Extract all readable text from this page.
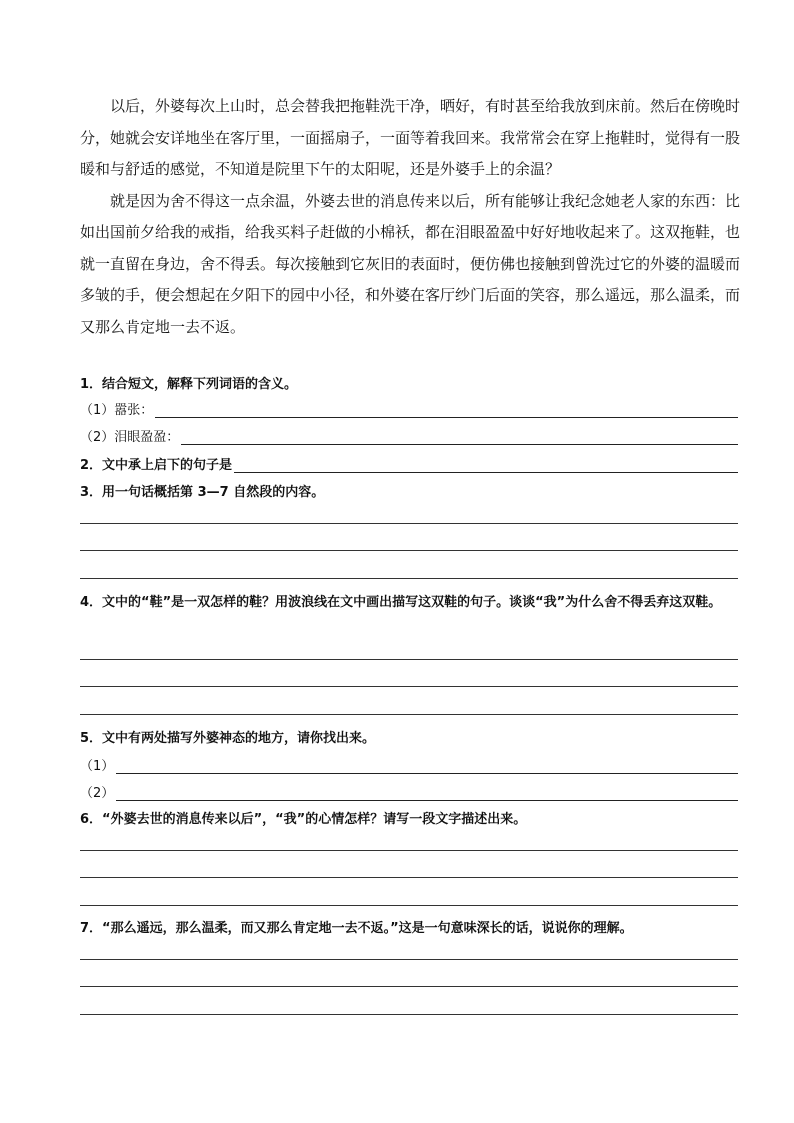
以后，外婆每次上山时，总会替我把拖鞋洗干净，晒好，有时甚至给我放到床前。然后在傍晚时分，她就会安详地坐在客厅里，一面摇扇子，一面等着我回来。我常常会在穿上拖鞋时，觉得有一股暖和与舒适的感觉，不知道是院里下午的太阳呢，还是外婆手上的余温？

就是因为舍不得这一点余温，外婆去世的消息传来以后，所有能够让我纪念她老人家的东西：比如出国前夕给我的戒指，给我买料子赶做的小棉袄，都在泪眼盈盈中好好地收起来了。这双拖鞋，也就一直留在身边，舍不得丢。每次接触到它灰旧的表面时，便仿佛也接触到曾洗过它的外婆的温暖而多皱的手，便会想起在夕阳下的园中小径，和外婆在客厅纱门后面的笑容，那么遥远，那么温柔，而又那么肯定地一去不返。

1．结合短文，解释下列词语的含义。
（1）嚣张：
（2）泪眼盈盈：
2．文中承上启下的句子是
3．用一句话概括第 3—7 自然段的内容。
4．文中的“鞋”是一双怎样的鞋？用波浪线在文中画出描写这双鞋的句子。谈谈“我”为什么舍不得丢弃这双鞋。
5．文中有两处描写外婆神态的地方，请你找出来。
（1）
（2）
6．“外婆去世的消息传来以后”，“我”的心情怎样？请写一段文字描述出来。
7．“那么遥远，那么温柔，而又那么肯定地一去不返。”这是一句意味深长的话，说说你的理解。
